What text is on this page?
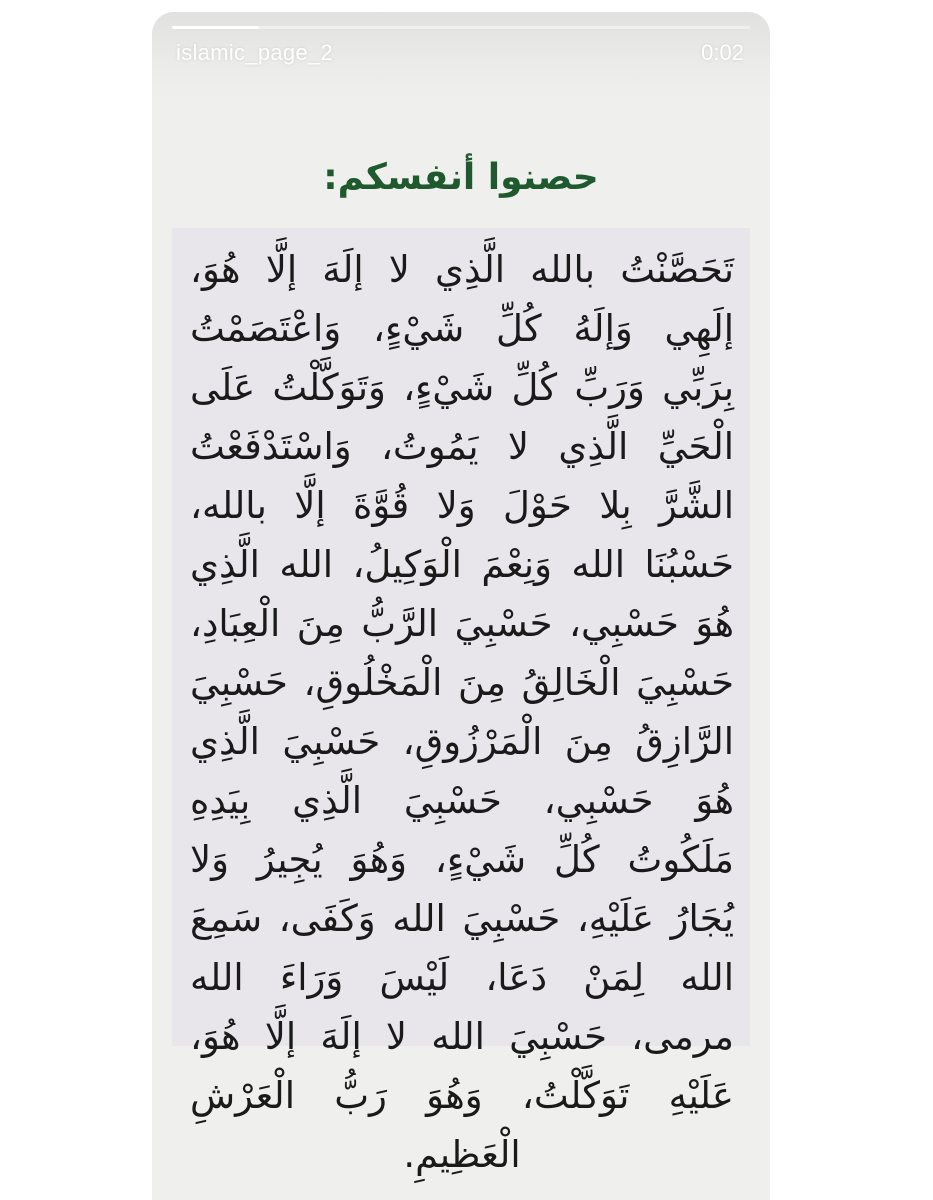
islamic_page_2	0:02
حصنوا أنفسكم:
تَحَصَّنْتُ بالله الَّذِي لا إلَهَ إلَّا هُوَ، إلَهِي وَإلَهُ كُلِّ شَيْءٍ، وَاعْتَصَمْتُ بِرَبِّي وَرَبِّ كُلِّ شَيْءٍ، وَتَوَكَّلْتُ عَلَى الْحَيِّ الَّذِي لا يَمُوتُ، وَاسْتَدْفَعْتُ الشَّرَّ بِلا حَوْلَ وَلا قُوَّةَ إلَّا بالله، حَسْبُنَا الله وَنِعْمَ الْوَكِيلُ، الله الَّذِي هُوَ حَسْبِي، حَسْبِيَ الرَّبُّ مِنَ الْعِبَادِ، حَسْبِيَ الْخَالِقُ مِنَ الْمَخْلُوقِ، حَسْبِيَ الرَّازِقُ مِنَ الْمَرْزُوقِ، حَسْبِيَ الَّذِي هُوَ حَسْبِي، حَسْبِيَ الَّذِي بِيَدِهِ مَلَكُوتُ كُلِّ شَيْءٍ، وَهُوَ يُجِيرُ وَلا يُجَارُ عَلَيْهِ، حَسْبِيَ الله وَكَفَى، سَمِعَ الله لِمَنْ دَعَا، لَيْسَ وَرَاءَ الله مرمى، حَسْبِيَ الله لا إلَهَ إلَّا هُوَ، عَلَيْهِ تَوَكَّلْتُ، وَهُوَ رَبُّ الْعَرْشِ الْعَظِيمِ.
